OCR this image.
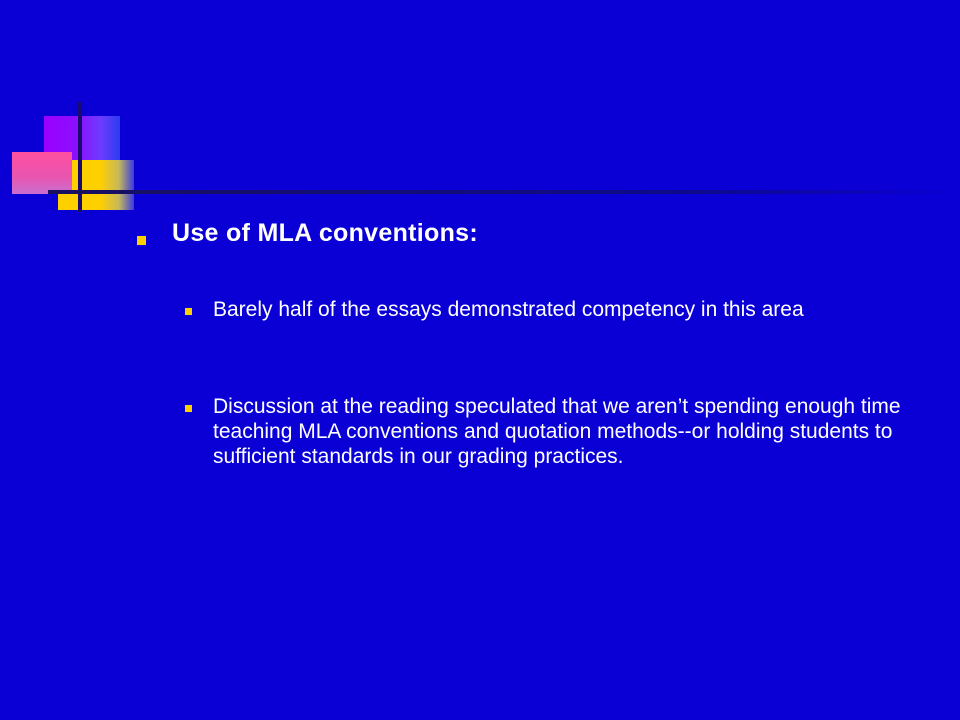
Use of MLA conventions:
Barely half of the essays demonstrated competency in this area
Discussion at the reading speculated that we aren’t spending enough time teaching MLA conventions and quotation methods--or holding students to sufficient standards in our grading practices.
